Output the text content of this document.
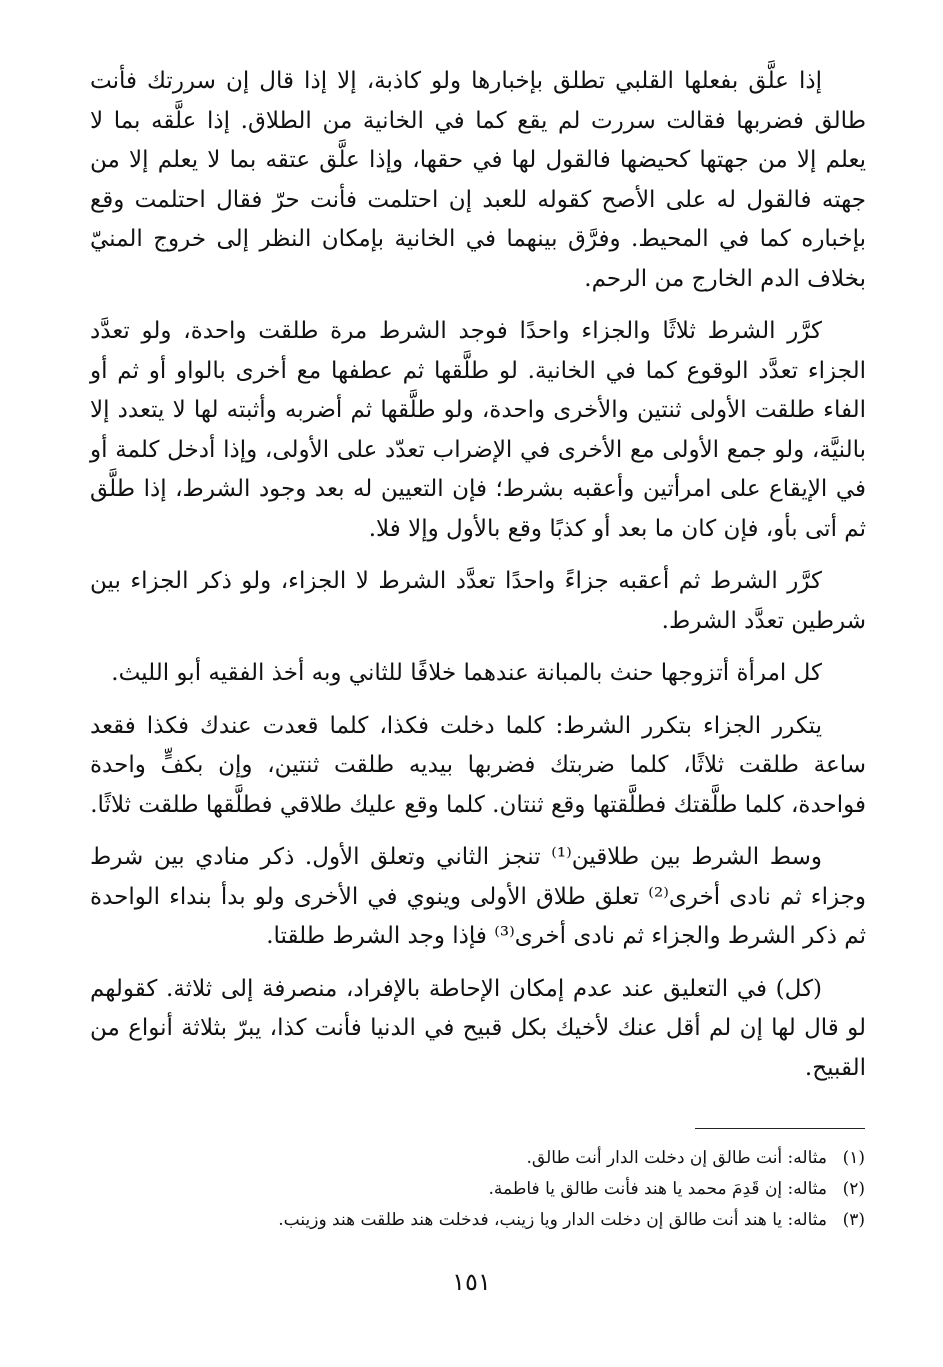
إذا علَّق بفعلها القلبي تطلق بإخبارها ولو كاذبة، إلا إذا قال إن سررتك فأنت طالق فضربها فقالت سررت لم يقع كما في الخانية من الطلاق. إذا علَّقه بما لا يعلم إلا من جهتها كحيضها فالقول لها في حقها، وإذا علَّق عتقه بما لا يعلم إلا من جهته فالقول له على الأصح كقوله للعبد إن احتلمت فأنت حرّ فقال احتلمت وقع بإخباره كما في المحيط. وفرَّق بينهما في الخانية بإمكان النظر إلى خروج المنيّ بخلاف الدم الخارج من الرحم.

كرَّر الشرط ثلاثًا والجزاء واحدًا فوجد الشرط مرة طلقت واحدة، ولو تعدَّد الجزاء تعدَّد الوقوع كما في الخانية. لو طلَّقها ثم عطفها مع أخرى بالواو أو ثم أو الفاء طلقت الأولى ثنتين والأخرى واحدة، ولو طلَّقها ثم أضربه وأثبته لها لا يتعدد إلا بالنيَّة، ولو جمع الأولى مع الأخرى في الإضراب تعدّد على الأولى، وإذا أدخل كلمة أو في الإيقاع على امرأتين وأعقبه بشرط؛ فإن التعيين له بعد وجود الشرط، إذا طلَّق ثم أتى بأو، فإن كان ما بعد أو كذبًا وقع بالأول وإلا فلا.

كرَّر الشرط ثم أعقبه جزاءً واحدًا تعدَّد الشرط لا الجزاء، ولو ذكر الجزاء بين شرطين تعدَّد الشرط.

كل امرأة أتزوجها حنث بالمبانة عندهما خلافًا للثاني وبه أخذ الفقيه أبو الليث.

يتكرر الجزاء بتكرر الشرط: كلما دخلت فكذا، كلما قعدت عندك فكذا فقعد ساعة طلقت ثلاثًا، كلما ضربتك فضربها بيديه طلقت ثنتين، وإن بكفٍّ واحدة فواحدة، كلما طلَّقتك فطلَّقتها وقع ثنتان. كلما وقع عليك طلاقي فطلَّقها طلقت ثلاثًا.

وسط الشرط بين طلاقين⁽¹⁾ تنجز الثاني وتعلق الأول. ذكر منادي بين شرط وجزاء ثم نادى أخرى⁽²⁾ تعلق طلاق الأولى وينوي في الأخرى ولو بدأ بنداء الواحدة ثم ذكر الشرط والجزاء ثم نادى أخرى⁽³⁾ فإذا وجد الشرط طلقتا.

(كل) في التعليق عند عدم إمكان الإحاطة بالإفراد، منصرفة إلى ثلاثة. كقولهم لو قال لها إن لم أقل عنك لأخيك بكل قبيح في الدنيا فأنت كذا، يبرّ بثلاثة أنواع من القبيح.

(١)
مثاله: أنت طالق إن دخلت الدار أنت طالق.
(٢)
مثاله: إن قَدِمَ محمد يا هند فأنت طالق يا فاطمة.
(٣)
مثاله: يا هند أنت طالق إن دخلت الدار ويا زينب، فدخلت هند طلقت هند وزينب.
١٥١
